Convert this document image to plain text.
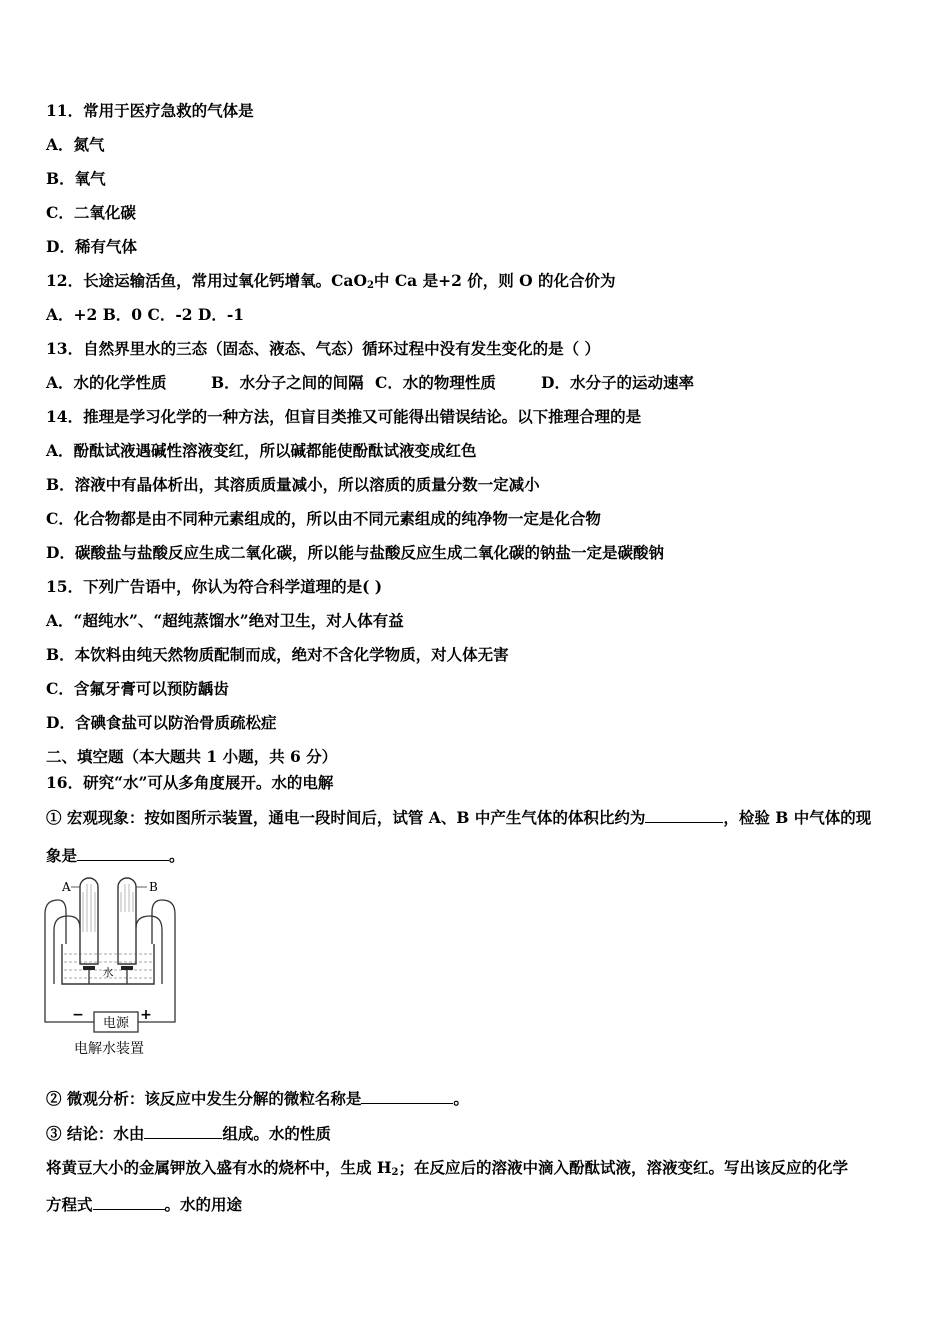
11．常用于医疗急救的气体是
A．氮气
B．氧气
C．二氧化碳
D．稀有气体
12．长途运输活鱼，常用过氧化钙增氧。CaO$_2$中 Ca 是+2 价，则 O 的化合价为
A．+2 B．0 C．-2 D．-1
13．自然界里水的三态（固态、液态、气态）循环过程中没有发生变化的是（ ）
A．水的化学性质	B．水分子之间的间隔 C．水的物理性质	D．水分子的运动速率
14．推理是学习化学的一种方法，但盲目类推又可能得出错误结论。以下推理合理的是
A．酚酞试液遇碱性溶液变红，所以碱都能使酚酞试液变成红色
B．溶液中有晶体析出，其溶质质量减小，所以溶质的质量分数一定减小
C．化合物都是由不同种元素组成的，所以由不同元素组成的纯净物一定是化合物
D．碳酸盐与盐酸反应生成二氧化碳，所以能与盐酸反应生成二氧化碳的钠盐一定是碳酸钠
15．下列广告语中，你认为符合科学道理的是( )
A．“超纯水”、“超纯蒸馏水”绝对卫生，对人体有益
B．本饮料由纯天然物质配制而成，绝对不含化学物质，对人体无害
C．含氟牙膏可以预防龋齿
D．含碘食盐可以防治骨质疏松症
二、填空题（本大题共 1 小题，共 6 分）
16．研究“水”可从多角度展开。水的电解
① 宏观现象：按如图所示装置，通电一段时间后，试管 A、B 中产生气体的体积比约为	，检验 B 中气体的现
象是	。
电源
−	+
A	B
水
电解水装置
② 微观分析：该反应中发生分解的微粒名称是	。
③ 结论：水由	组成。水的性质
将黄豆大小的金属钾放入盛有水的烧杯中，生成 $H_2$；在反应后的溶液中滴入酚酞试液，溶液变红。写出该反应的化学
方程式	。水的用途
